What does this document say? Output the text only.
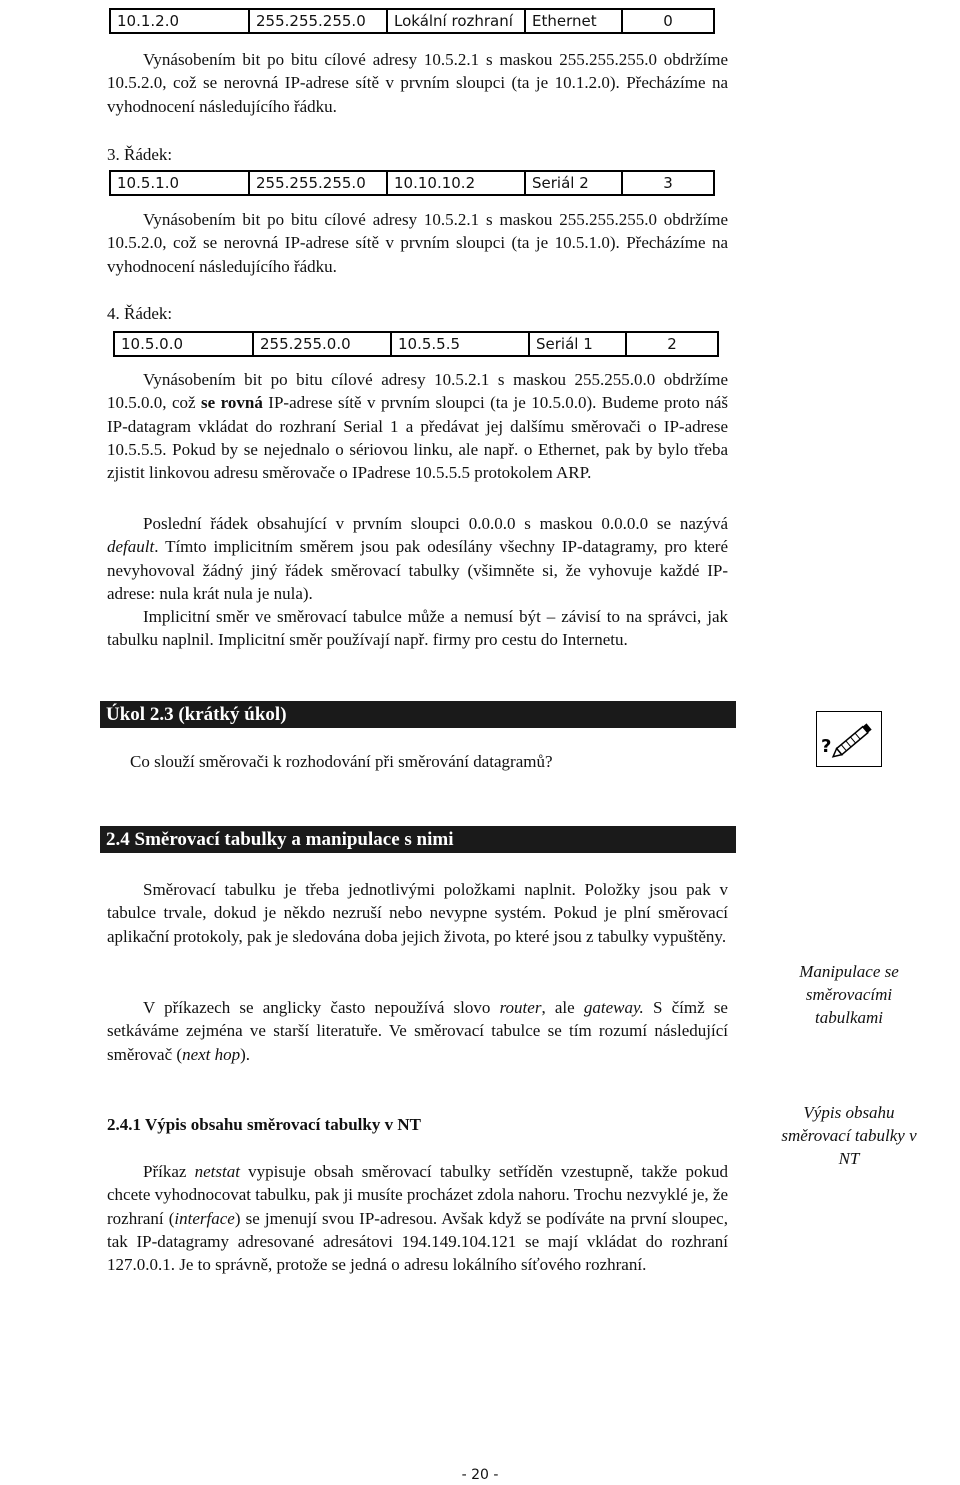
10.1.2.0	255.255.255.0	Lokální rozhraní	Ethernet	0

Vynásobením bit po bitu cílové adresy 10.5.2.1 s maskou 255.255.255.0 obdržíme 10.5.2.0, což se nerovná IP-adrese sítě v prvním sloupci (ta je 10.1.2.0). Přecházíme na vyhodnocení následujícího řádku.

3. Řádek:
10.5.1.0	255.255.255.0	10.10.10.2	Seriál 2	3

Vynásobením bit po bitu cílové adresy 10.5.2.1 s maskou 255.255.255.0 obdržíme 10.5.2.0, což se nerovná IP-adrese sítě v prvním sloupci (ta je 10.5.1.0). Přecházíme na vyhodnocení následujícího řádku.

4. Řádek:
10.5.0.0	255.255.0.0	10.5.5.5	Seriál 1	2

Vynásobením bit po bitu cílové adresy 10.5.2.1 s maskou 255.255.0.0 obdržíme 10.5.0.0, což se rovná IP-adrese sítě v prvním sloupci (ta je 10.5.0.0). Budeme proto náš IP-datagram vkládat do rozhraní Serial 1 a předávat jej dalšímu směrovači o IP-adrese 10.5.5.5. Pokud by se nejednalo o sériovou linku, ale např. o Ethernet, pak by bylo třeba zjistit linkovou adresu směrovače o IPadrese 10.5.5.5 protokolem ARP.

Poslední řádek obsahující v prvním sloupci 0.0.0.0 s maskou 0.0.0.0 se nazývá default. Tímto implicitním směrem jsou pak odesílány všechny IP-datagramy, pro které nevyhovoval žádný jiný řádek směrovací tabulky (všimněte si, že vyhovuje každé IP-adrese: nula krát nula je nula).

Implicitní směr ve směrovací tabulce může a nemusí být – závisí to na správci, jak tabulku naplnil. Implicitní směr používají např. firmy pro cestu do Internetu.

Úkol 2.3 (krátký úkol)
Co slouží směrovači k rozhodování při směrování datagramů?
?
2.4 Směrovací tabulky a manipulace s nimi

Směrovací tabulku je třeba jednotlivými položkami naplnit. Položky jsou pak v tabulce trvale, dokud je někdo nezruší nebo nevypne systém. Pokud je plní směrovací aplikační protokoly, pak je sledována doba jejich života, po které jsou z tabulky vypuštěny.

V příkazech se anglicky často nepoužívá slovo router, ale gateway. S čímž se setkáváme zejména ve starší literatuře. Ve směrovací tabulce se tím rozumí následující směrovač (next hop).

2.4.1 Výpis obsahu směrovací tabulky v NT

Příkaz netstat vypisuje obsah směrovací tabulky setříděn vzestupně, takže pokud chcete vyhodnocovat tabulku, pak ji musíte procházet zdola nahoru. Trochu nezvyklé je, že rozhraní (interface) se jmenují svou IP-adresou. Avšak když se podíváte na první sloupec, tak IP-datagramy adresované adresátovi 194.149.104.121 se mají vkládat do rozhraní 127.0.0.1. Je to správně, protože se jedná o adresu lokálního síťového rozhraní.

Manipulace se směrovacími tabulkami
Výpis obsahu směrovací tabulky v NT
- 20 -
